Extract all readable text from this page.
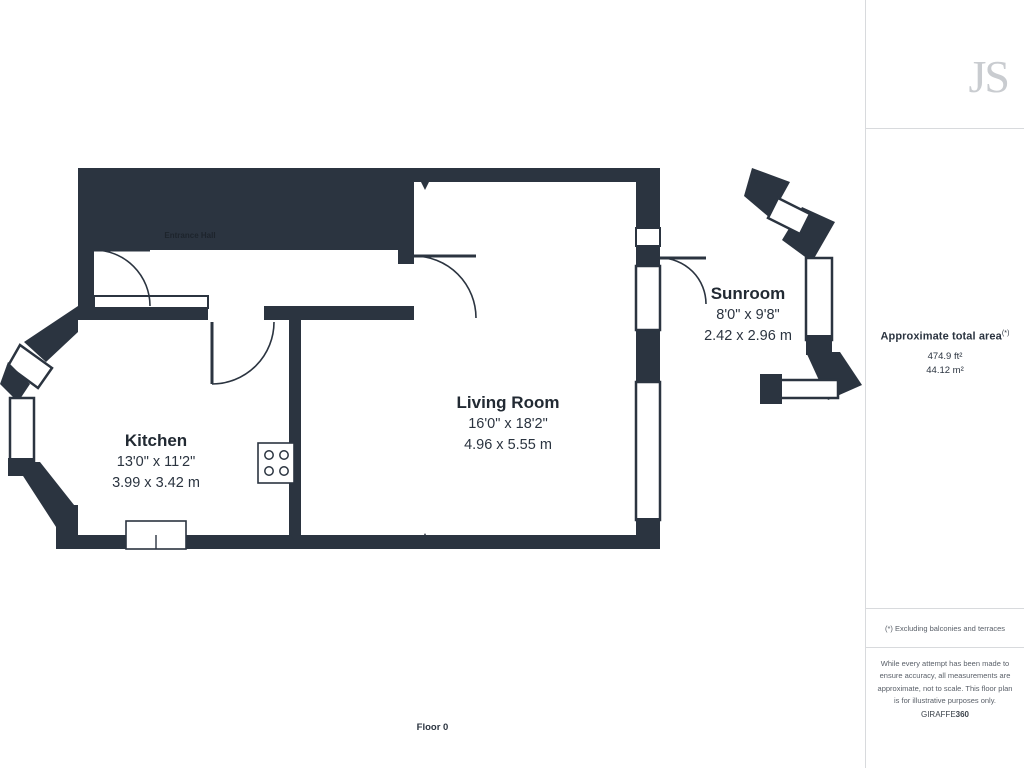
Entrance Hall
Kitchen
13'0" x 11'2"
3.99 x 3.42 m
Living Room
16'0" x 18'2"
4.96 x 5.55 m
Sunroom
8'0" x 9'8"
2.42 x 2.96 m
Floor 0
JS
Approximate total area(*)
474.9 ft²
44.12 m²
(*) Excluding balconies and terraces
While every attempt has been made to ensure accuracy, all measurements are approximate, not to scale. This floor plan is for illustrative purposes only.
GIRAFFE360
